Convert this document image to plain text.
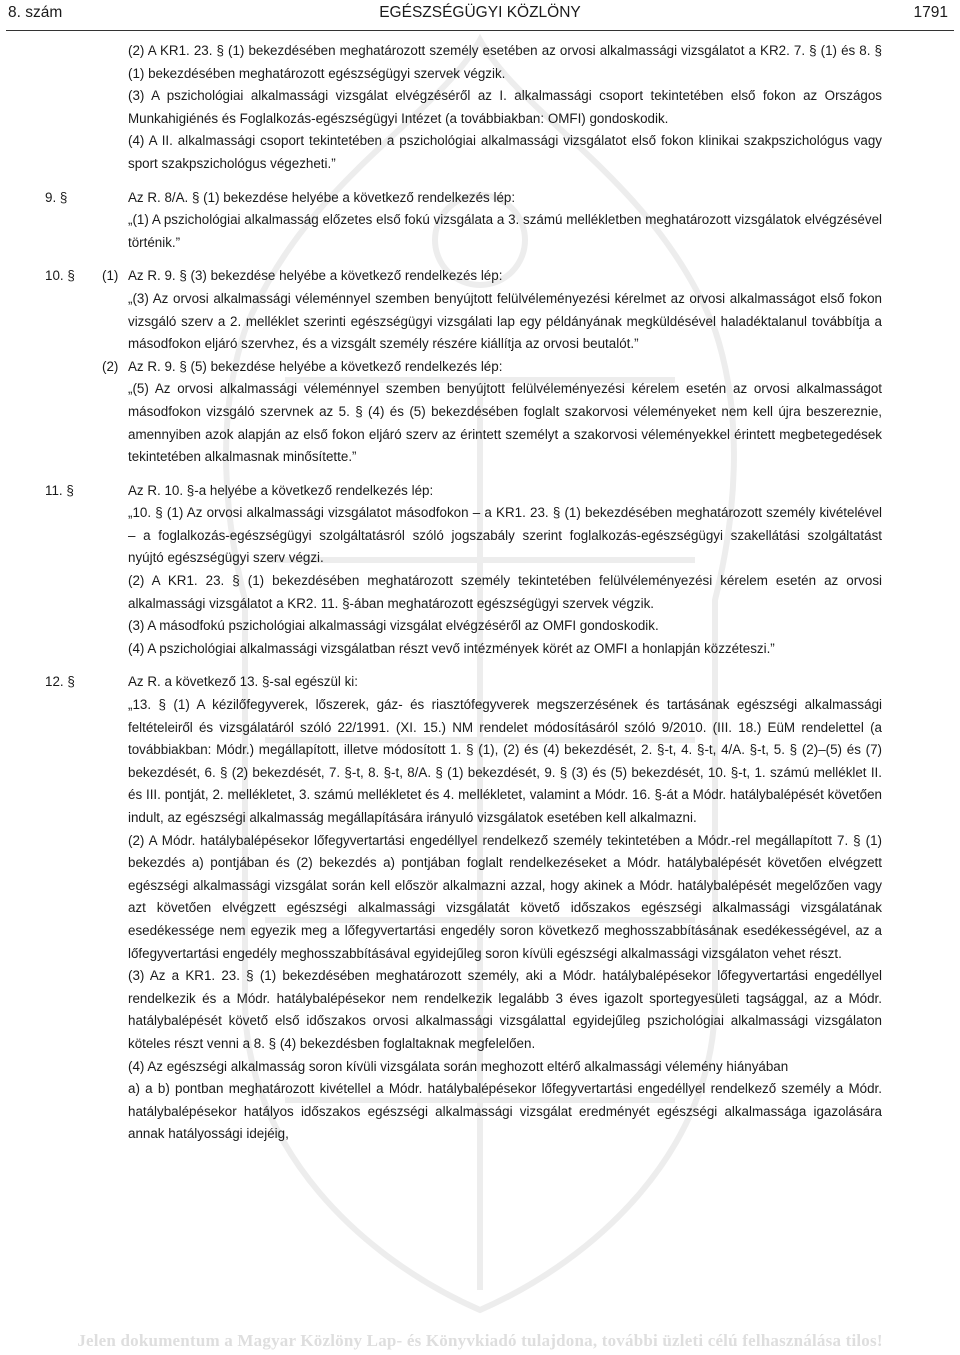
8. szám	EGÉSZSÉGÜGYI KÖZLÖNY	1791
(2) A KR1. 23. § (1) bekezdésében meghatározott személy esetében az orvosi alkalmassági vizsgálatot a KR2. 7. § (1) és 8. § (1) bekezdésében meghatározott egészségügyi szervek végzik.
(3) A pszichológiai alkalmassági vizsgálat elvégzéséről az I. alkalmassági csoport tekintetében első fokon az Országos Munkahigiénés és Foglalkozás-egészségügyi Intézet (a továbbiakban: OMFI) gondoskodik.
(4) A II. alkalmassági csoport tekintetében a pszichológiai alkalmassági vizsgálatot első fokon klinikai szakpszichológus vagy sport szakpszichológus végezheti.”
9. §	Az R. 8/A. § (1) bekezdése helyébe a következő rendelkezés lép:
„(1) A pszichológiai alkalmasság előzetes első fokú vizsgálata a 3. számú mellékletben meghatározott vizsgálatok elvégzésével történik.”
10. § (1) Az R. 9. § (3) bekezdése helyébe a következő rendelkezés lép:
„(3) Az orvosi alkalmassági véleménnyel szemben benyújtott felülvéleményezési kérelmet az orvosi alkalmasságot első fokon vizsgáló szerv a 2. melléklet szerinti egészségügyi vizsgálati lap egy példányának megküldésével haladéktalanul továbbítja a másodfokon eljáró szervhez, és a vizsgált személy részére kiállítja az orvosi beutalót.”
(2) Az R. 9. § (5) bekezdése helyébe a következő rendelkezés lép:
„(5) Az orvosi alkalmassági véleménnyel szemben benyújtott felülvéleményezési kérelem esetén az orvosi alkalmasságot másodfokon vizsgáló szervnek az 5. § (4) és (5) bekezdésében foglalt szakorvosi véleményeket nem kell újra beszereznie, amennyiben azok alapján az első fokon eljáró szerv az érintett személyt a szakorvosi véleményekkel érintett megbetegedések tekintetében alkalmasnak minősítette.”
11. §	Az R. 10. §-a helyébe a következő rendelkezés lép:
„10. § (1) Az orvosi alkalmassági vizsgálatot másodfokon – a KR1. 23. § (1) bekezdésében meghatározott személy kivételével – a foglalkozás-egészségügyi szolgáltatásról szóló jogszabály szerint foglalkozás-egészségügyi szakellátási szolgáltatást nyújtó egészségügyi szerv végzi.
(2) A KR1. 23. § (1) bekezdésében meghatározott személy tekintetében felülvéleményezési kérelem esetén az orvosi alkalmassági vizsgálatot a KR2. 11. §-ában meghatározott egészségügyi szervek végzik.
(3) A másodfokú pszichológiai alkalmassági vizsgálat elvégzéséről az OMFI gondoskodik.
(4) A pszichológiai alkalmassági vizsgálatban részt vevő intézmények körét az OMFI a honlapján közzéteszi.”
12. §	Az R. a következő 13. §-sal egészül ki:
„13. § (1) A kézilőfegyverek, lőszerek, gáz- és riasztófegyverek megszerzésének és tartásának egészségi alkalmassági feltételeiről és vizsgálatáról szóló 22/1991. (XI. 15.) NM rendelet módosításáról szóló 9/2010. (III. 18.) EüM rendelettel (a továbbiakban: Módr.) megállapított, illetve módosított 1. § (1), (2) és (4) bekezdését, 2. §-t, 4. §-t, 4/A. §-t, 5. § (2)–(5) és (7) bekezdését, 6. § (2) bekezdését, 7. §-t, 8. §-t, 8/A. § (1) bekezdését, 9. § (3) és (5) bekezdését, 10. §-t, 1. számú melléklet II. és III. pontját, 2. mellékletet, 3. számú mellékletet és 4. mellékletet, valamint a Módr. 16. §-át a Módr. hatálybalépését követően indult, az egészségi alkalmasság megállapítására irányuló vizsgálatok esetében kell alkalmazni.
(2) A Módr. hatálybalépésekor lőfegyvertartási engedéllyel rendelkező személy tekintetében a Módr.-rel megállapított 7. § (1) bekezdés a) pontjában és (2) bekezdés a) pontjában foglalt rendelkezéseket a Módr. hatálybalépését követően elvégzett egészségi alkalmassági vizsgálat során kell először alkalmazni azzal, hogy akinek a Módr. hatálybalépését megelőzően vagy azt követően elvégzett egészségi alkalmassági vizsgálatát követő időszakos egészségi alkalmassági vizsgálatának esedékessége nem egyezik meg a lőfegyvertartási engedély soron következő meghosszabbításának esedékességével, az a lőfegyvertartási engedély meghosszabbításával egyidejűleg soron kívüli egészségi alkalmassági vizsgálaton vehet részt.
(3) Az a KR1. 23. § (1) bekezdésében meghatározott személy, aki a Módr. hatálybalépésekor lőfegyvertartási engedéllyel rendelkezik és a Módr. hatálybalépésekor nem rendelkezik legalább 3 éves igazolt sportegyesületi tagsággal, az a Módr. hatálybalépését követő első időszakos orvosi alkalmassági vizsgálattal egyidejűleg pszichológiai alkalmassági vizsgálaton köteles részt venni a 8. § (4) bekezdésben foglaltaknak megfelelően.
(4) Az egészségi alkalmasság soron kívüli vizsgálata során meghozott eltérő alkalmassági vélemény hiányában
a) a b) pontban meghatározott kivétellel a Módr. hatálybalépésekor lőfegyvertartási engedéllyel rendelkező személy a Módr. hatálybalépésekor hatályos időszakos egészségi alkalmassági vizsgálat eredményét egészségi alkalmassága igazolására annak hatályossági idejéig,
Jelen dokumentum a Magyar Közlöny Lap- és Könyvkiadó tulajdona, további üzleti célú felhasználása tilos!
